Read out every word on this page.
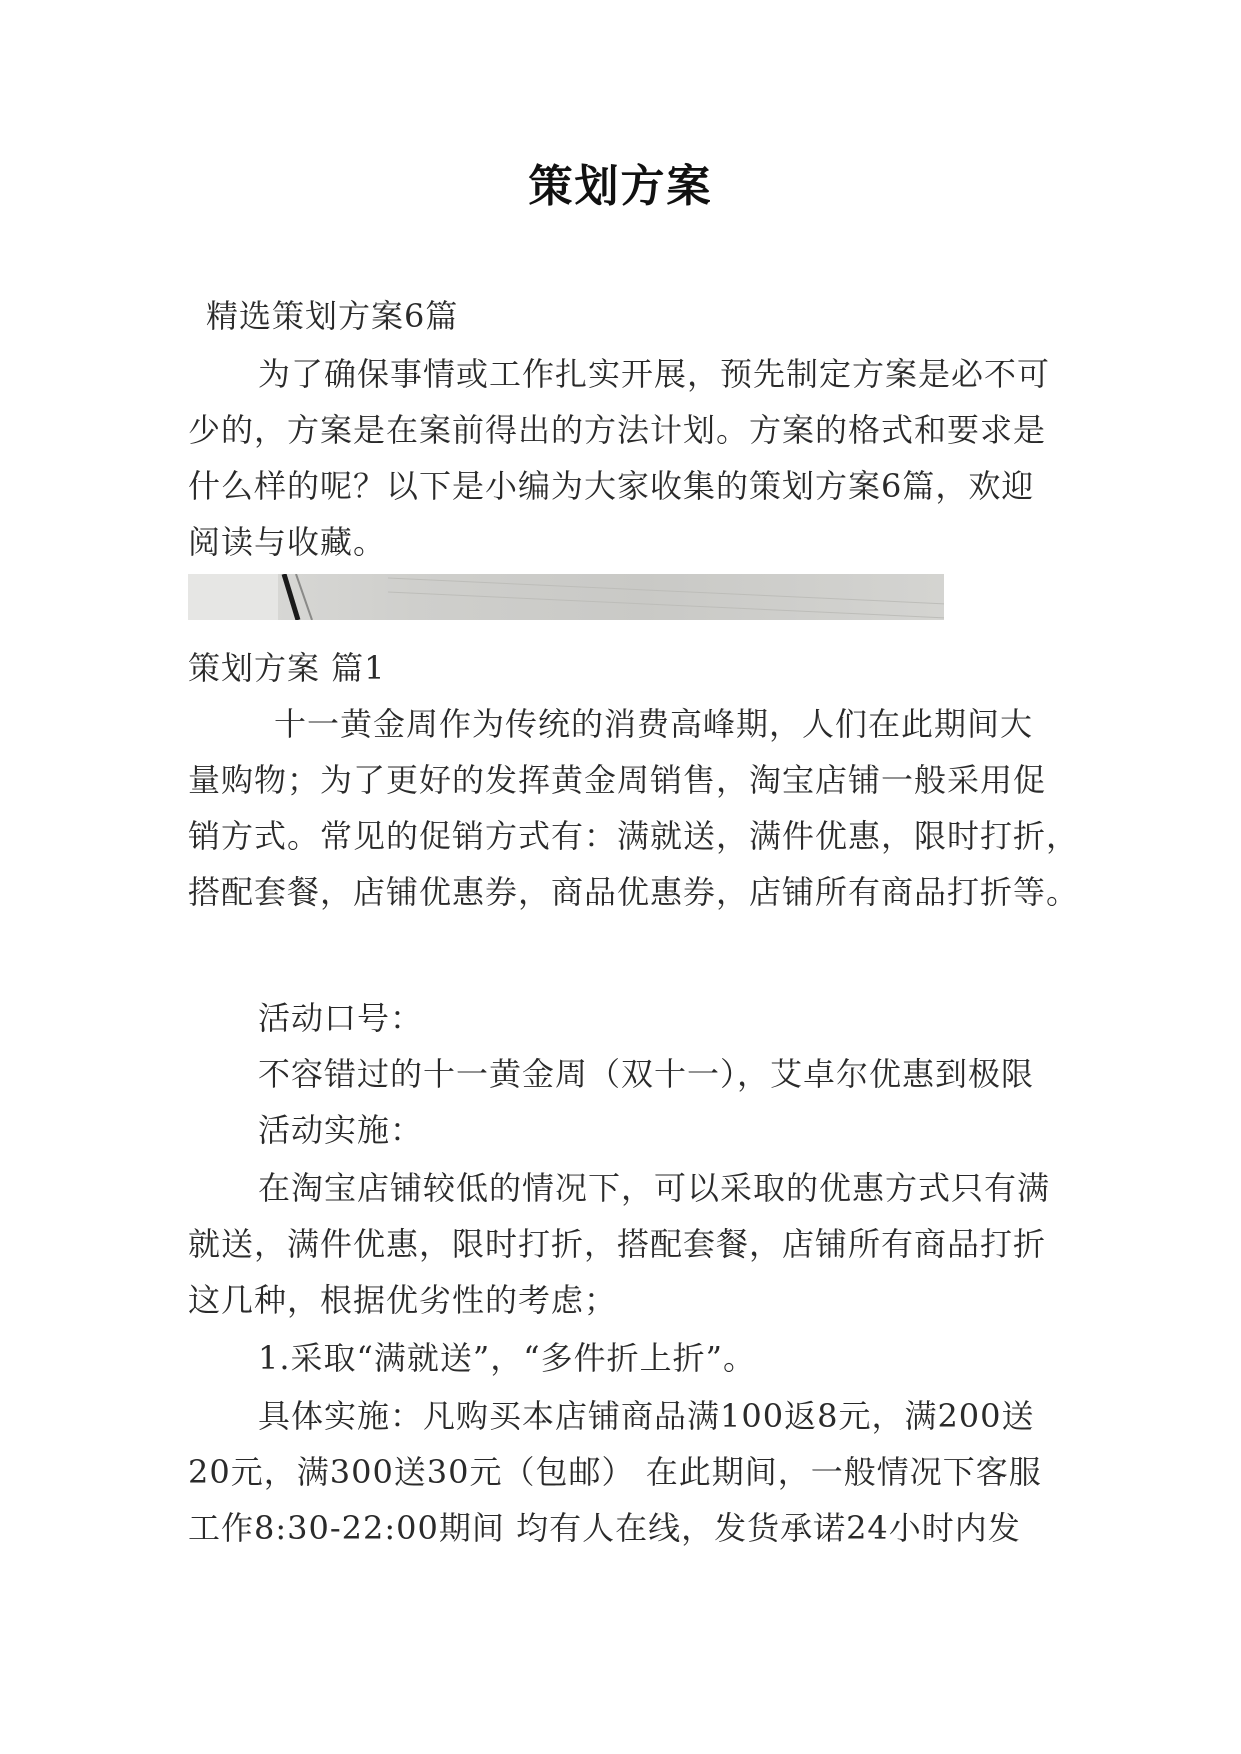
策划方案
精选策划方案6篇
为了确保事情或工作扎实开展，预先制定方案是必不可
少的，方案是在案前得出的方法计划。方案的格式和要求是
什么样的呢？以下是小编为大家收集的策划方案6篇，欢迎
阅读与收藏。
策划方案 篇1
十一黄金周作为传统的消费高峰期，人们在此期间大
量购物；为了更好的发挥黄金周销售，淘宝店铺一般采用促
销方式。常见的促销方式有：满就送，满件优惠，限时打折，
搭配套餐，店铺优惠券，商品优惠券，店铺所有商品打折等。
活动口号：
不容错过的十一黄金周（双十一），艾卓尔优惠到极限
活动实施：
在淘宝店铺较低的情况下，可以采取的优惠方式只有满
就送，满件优惠，限时打折，搭配套餐，店铺所有商品打折
这几种，根据优劣性的考虑；
1.采取“满就送”，“多件折上折”。
具体实施：凡购买本店铺商品满100返8元，满200送
20元，满300送30元（包邮） 在此期间，一般情况下客服
工作8:30-22:00期间 均有人在线，发货承诺24小时内发
